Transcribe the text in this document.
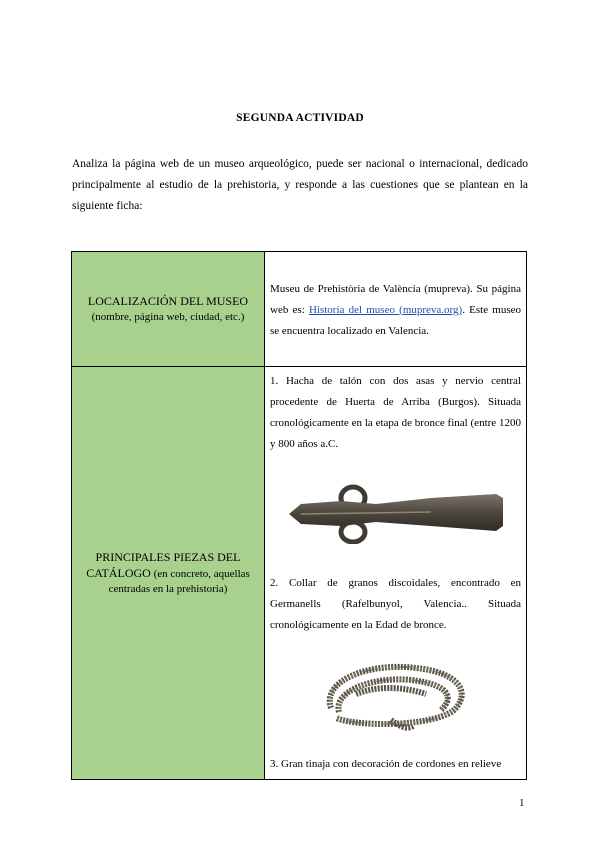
SEGUNDA ACTIVIDAD
Analiza la página web de un museo arqueológico, puede ser nacional o internacional, dedicado principalmente al estudio de la prehistoria, y responde a las cuestiones que se plantean en la siguiente ficha:
LOCALIZACIÓN DEL MUSEO (nombre, página web, ciudad, etc.)	Museu de Prehistòria de València (mupreva). Su página web es: Historia del museo (mupreva.org). Este museo se encuentra localizado en Valencia.
PRINCIPALES PIEZAS DEL CATÁLOGO (en concreto, aquellas centradas en la prehistoria)	1. Hacha de talón con dos asas y nervio central procedente de Huerta de Arriba (Burgos). Situada cronológicamente en la etapa de bronce final (entre 1200 y 800 años a.C.
2. Collar de granos discoidales, encontrado en Germanells (Rafelbunyol, Valencia.. Situada cronológicamente en la Edad de bronce.
3. Gran tinaja con decoración de cordones en relieve
1
